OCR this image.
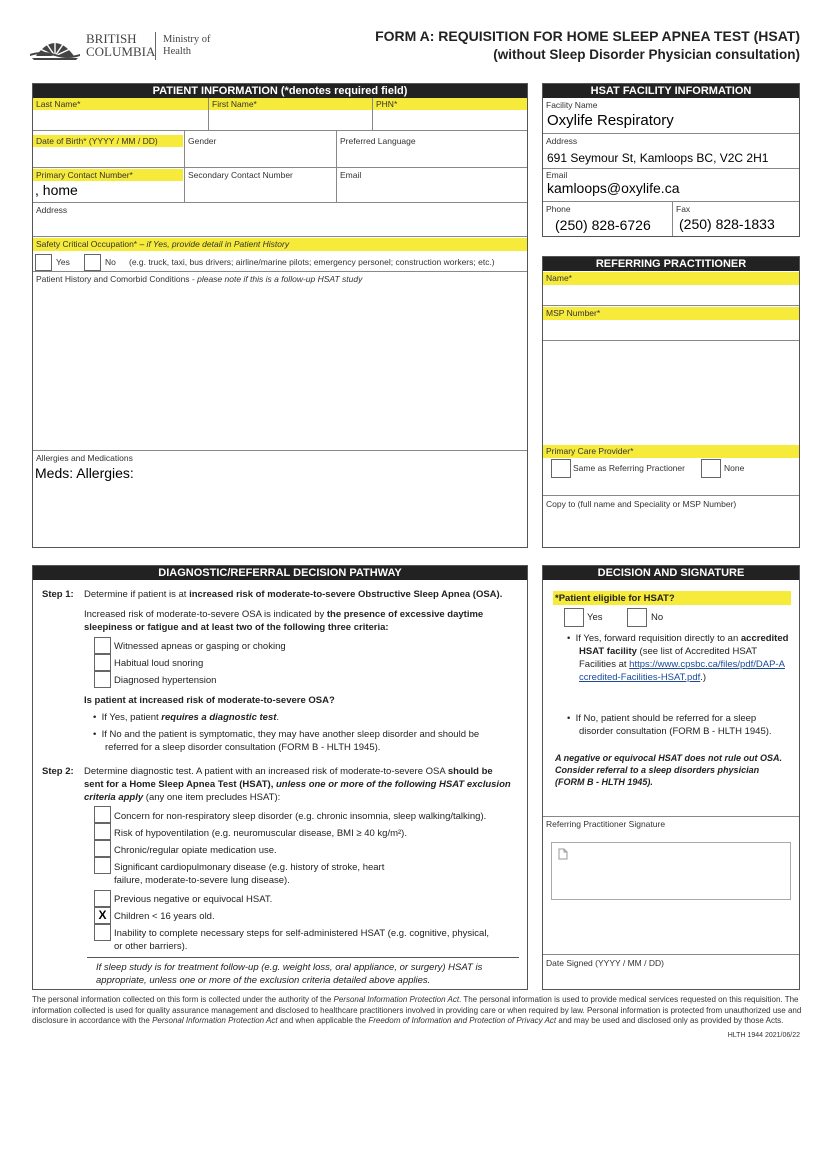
BRITISH
COLUMBIA
Ministry of
Health
FORM A: REQUISITION FOR HOME SLEEP APNEA TEST (HSAT)
(without Sleep Disorder Physician consultation)
PATIENT INFORMATION (*denotes required field)
Last Name*	First Name*	PHN*
Date of Birth* (YYYY / MM / DD)	Gender	Preferred Language
Primary Contact Number*	Secondary Contact Number	Email
, home
Address
Safety Critical Occupation* – if Yes, provide detail in Patient History
Yes	No (e.g. truck, taxi, bus drivers; airline/marine pilots; emergency personel; construction workers; etc.)
Patient History and Comorbid Conditions - please note if this is a follow-up HSAT study
Allergies and Medications
Meds: Allergies:
HSAT FACILITY INFORMATION
Facility Name
Oxylife Respiratory
Address
691 Seymour St, Kamloops BC, V2C 2H1
Email
kamloops@oxylife.ca
Phone	Fax
(250) 828-6726 (250) 828-1833
REFERRING PRACTITIONER
Name*
MSP Number*
Primary Care Provider*
Same as Referring Practioner	None
Copy to (full name and Speciality or MSP Number)
DIAGNOSTIC/REFERRAL DECISION PATHWAY
Step 1: Determine if patient is at increased risk of moderate-to-severe Obstructive Sleep Apnea (OSA).
Increased risk of moderate-to-severe OSA is indicated by the presence of excessive daytime sleepiness or fatigue and at least two of the following three criteria:
Witnessed apneas or gasping or choking
Habitual loud snoring
Diagnosed hypertension
Is patient at increased risk of moderate-to-severe OSA?
•  If Yes, patient requires a diagnostic test.
•  If No and the patient is symptomatic, they may have another sleep disorder and should be referred for a sleep disorder consultation (FORM B - HLTH 1945).
Step 2: Determine diagnostic test. A patient with an increased risk of moderate-to-severe OSA should be sent for a Home Sleep Apnea Test (HSAT), unless one or more of the following HSAT exclusion criteria apply (any one item precludes HSAT):
Concern for non-respiratory sleep disorder (e.g. chronic insomnia, sleep walking/talking).
Risk of hypoventilation (e.g. neuromuscular disease, BMI ≥ 40 kg/m²).
Chronic/regular opiate medication use.
Significant cardiopulmonary disease (e.g. history of stroke, heart failure, moderate-to-severe lung disease).
Previous negative or equivocal HSAT.
X Children < 16 years old.
Inability to complete necessary steps for self-administered HSAT (e.g. cognitive, physical, or other barriers).
If sleep study is for treatment follow-up (e.g. weight loss, oral appliance, or surgery) HSAT is appropriate, unless one or more of the exclusion criteria detailed above applies.
DECISION AND SIGNATURE
*Patient eligible for HSAT?
Yes	No
•  If Yes, forward requisition directly to an accredited HSAT facility (see list of Accredited HSAT Facilities at https://www.cpsbc.ca/files/pdf/DAP-Accredited-Facilities-HSAT.pdf.)
•  If No, patient should be referred for a sleep disorder consultation (FORM B - HLTH 1945).
A negative or equivocal HSAT does not rule out OSA. Consider referral to a sleep disorders physician (FORM B - HLTH 1945).
Referring Practitioner Signature
Date Signed (YYYY / MM / DD)
The personal information collected on this form is collected under the authority of the Personal Information Protection Act. The personal information is used to provide medical services requested on this requisition. The information collected is used for quality assurance management and disclosed to healthcare practitioners involved in providing care or when required by law. Personal information is protected from unauthorized use and disclosure in accordance with the Personal Information Protection Act and when applicable the Freedom of Information and Protection of Privacy Act and may be used and disclosed only as provided by those Acts.
HLTH 1944 2021/06/22
